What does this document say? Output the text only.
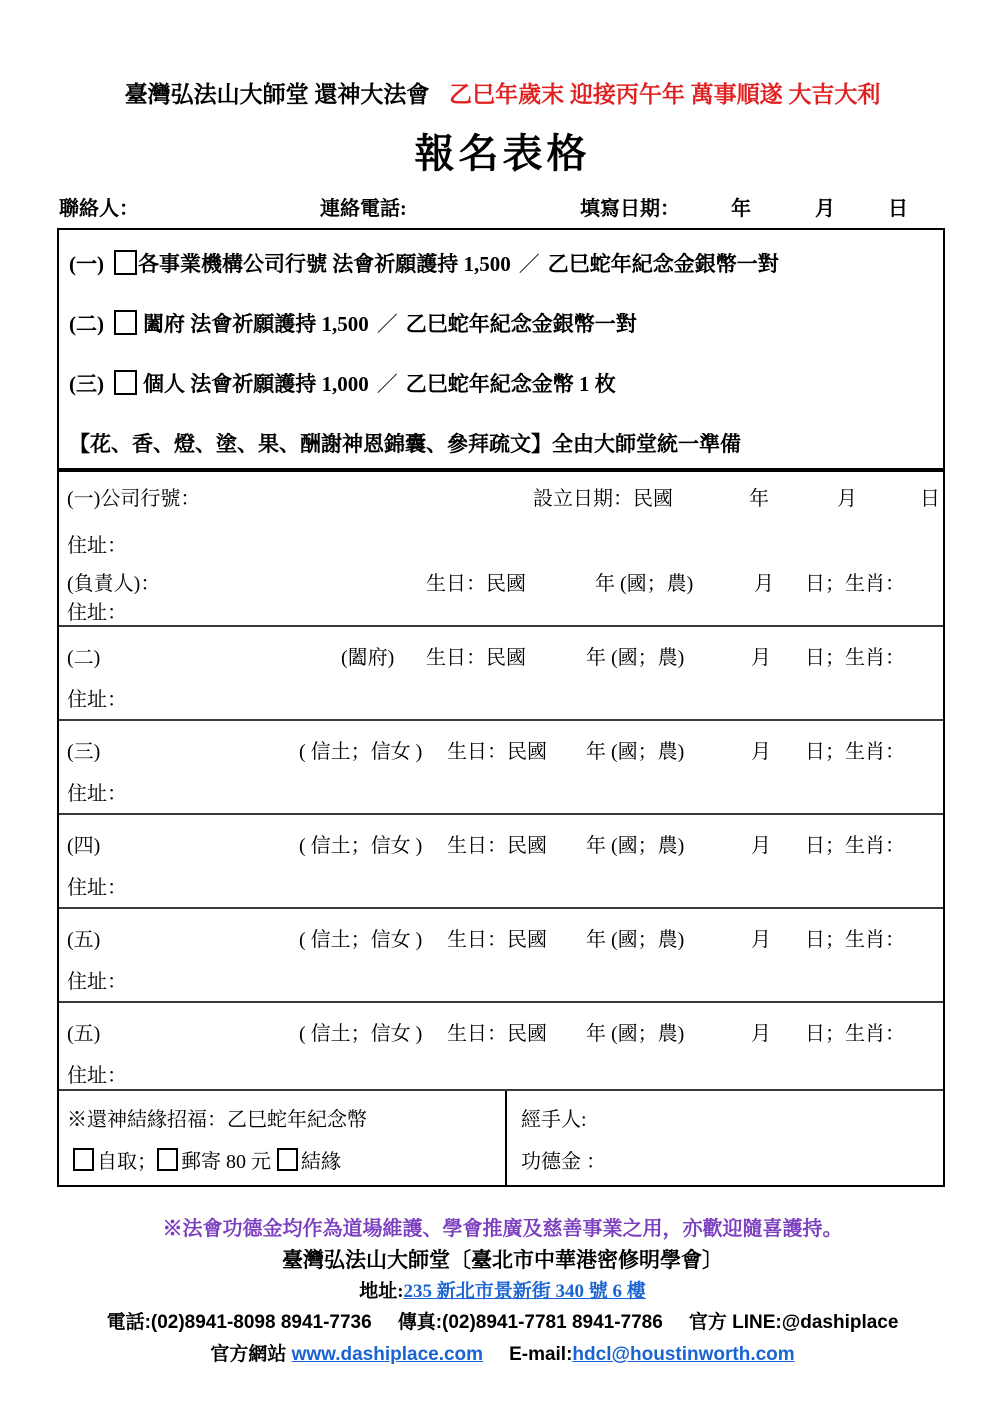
臺灣弘法山大師堂 還神大法會 乙巳年歲末 迎接丙午年 萬事順遂 大吉大利
報名表格
聯絡人：	連絡電話:	填寫日期：	年	月	日
(一) 各事業機構公司行號 法會祈願護持 1,500 ／ 乙巳蛇年紀念金銀幣一對
(二) 闔府 法會祈願護持 1,500 ／ 乙巳蛇年紀念金銀幣一對
(三) 個人 法會祈願護持 1,000 ／ 乙巳蛇年紀念金幣 1 枚
【花、香、燈、塗、果、酬謝神恩錦囊、參拜疏文】全由大師堂統一準備
(一)公司行號：	設立日期：民國	年	月	日
住址：
(負責人)：	生日：民國	年 (國；農)	月 日；生肖：
住址：
(二)	(闔府) 生日：民國	年 (國；農)	月 日；生肖：
住址：
(三)	( 信土；信女 ) 生日：民國 年 (國；農)	月 日；生肖：
住址：
(四)	( 信土；信女 ) 生日：民國 年 (國；農)	月 日；生肖：
住址：
(五)	( 信土；信女 ) 生日：民國 年 (國；農)	月 日；生肖：
住址：
(五)	( 信土；信女 ) 生日：民國 年 (國；農)	月 日；生肖：
住址：
※還神結緣招福：乙巳蛇年紀念幣
自取； 郵寄 80 元 結緣
經手人:
功德金 ：
※法會功德金均作為道場維護、學會推廣及慈善事業之用，亦歡迎隨喜護持。
臺灣弘法山大師堂〔臺北市中華港密修明學會〕
地址:235 新北市景新街 340 號 6 樓
電話:(02)8941-8098 8941-7736 傳真:(02)8941-7781 8941-7786 官方 LINE:@dashiplace
官方網站 www.dashiplace.com E-mail:hdcl@houstinworth.com
